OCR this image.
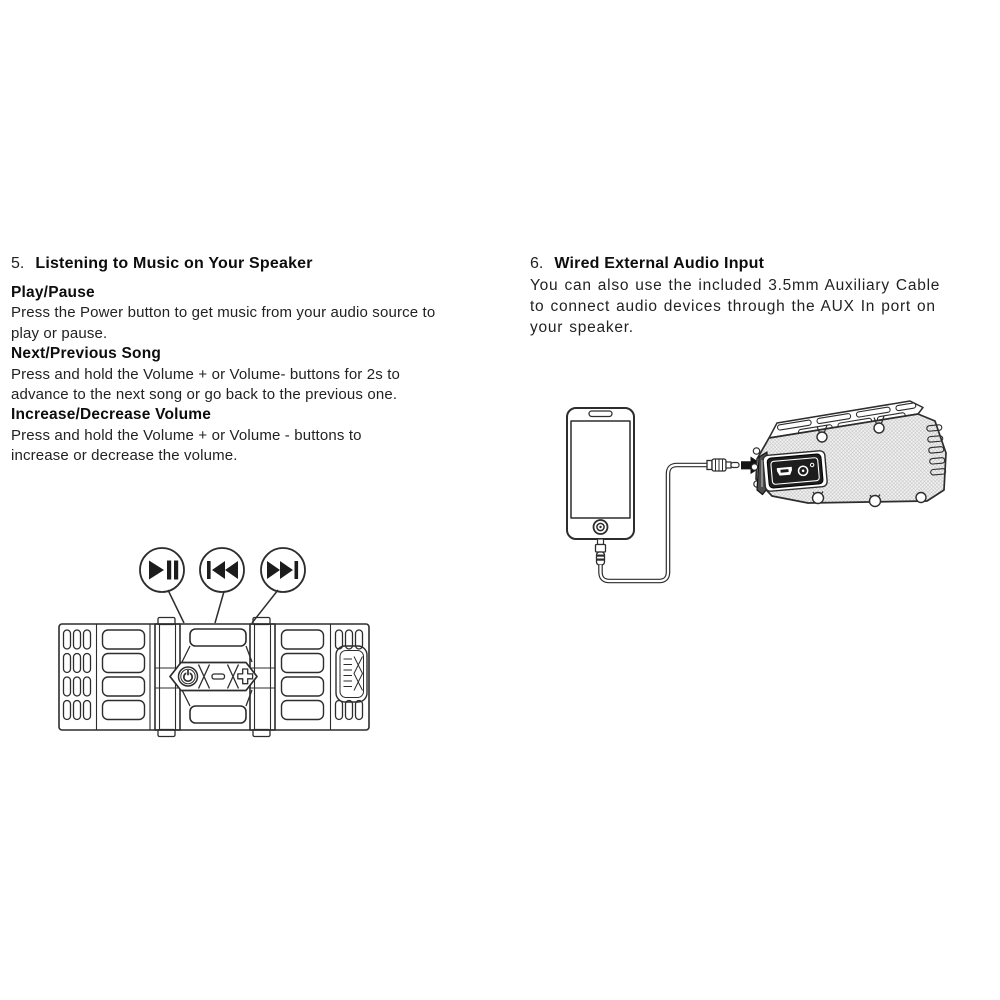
5. Listening to Music on Your Speaker
Play/Pause
Press the Power button to get music from your audio source to
play or pause.
Next/Previous Song
Press and hold the Volume + or Volume- buttons for 2s to
advance to the next song or go back to the previous one.
Increase/Decrease Volume
Press and hold the Volume + or Volume - buttons to
increase or decrease the volume.
6. Wired External Audio Input
You can also use the included 3.5mm Auxiliary Cable
to connect audio devices through the AUX In port on
your speaker.
